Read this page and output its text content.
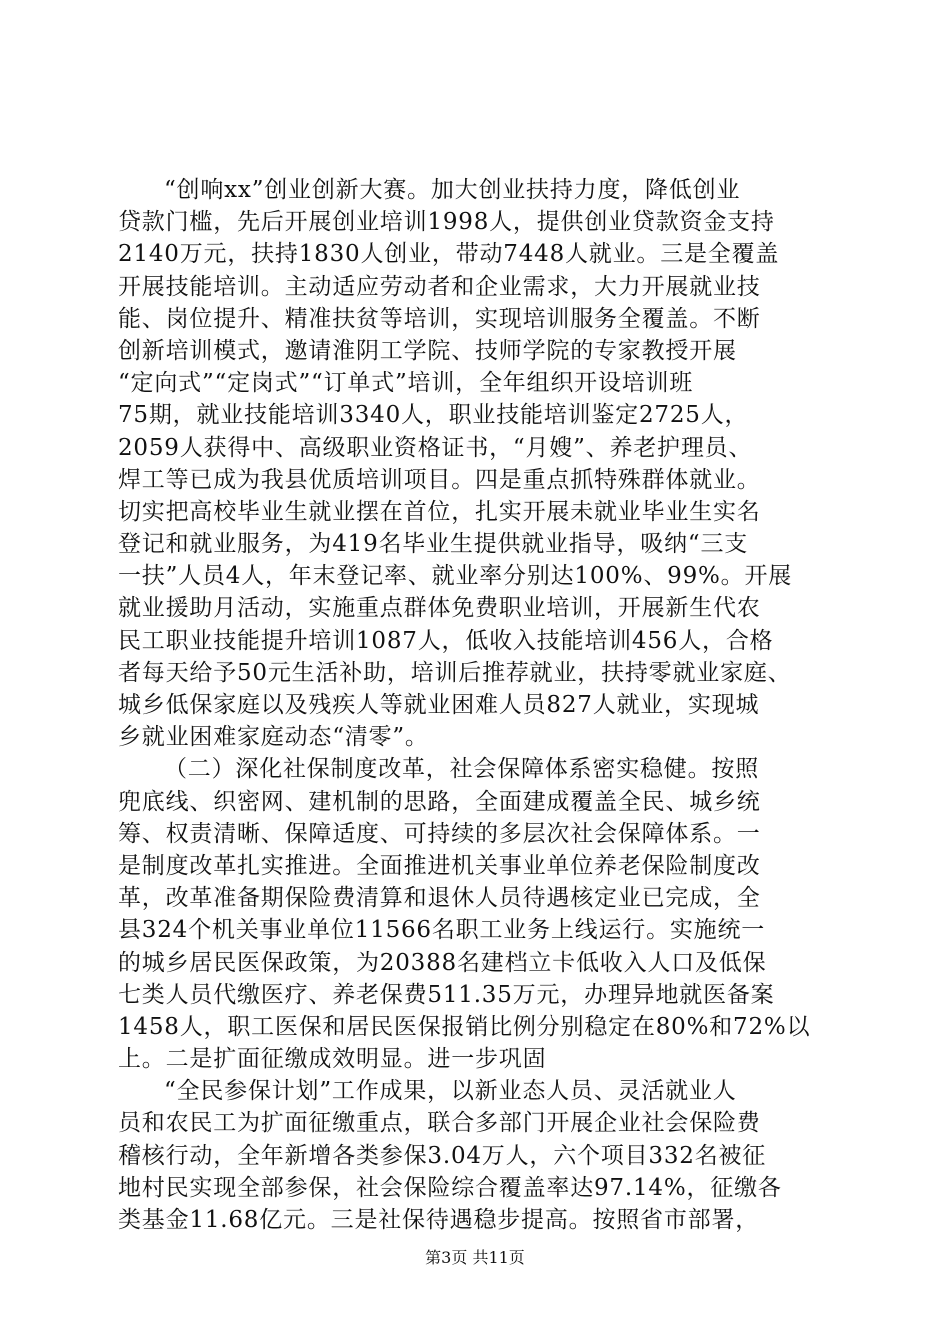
“创响xx”创业创新大赛。加大创业扶持力度，降低创业
贷款门槛，先后开展创业培训1998人，提供创业贷款资金支持
2140万元，扶持1830人创业，带动7448人就业。三是全覆盖
开展技能培训。主动适应劳动者和企业需求，大力开展就业技
能、岗位提升、精准扶贫等培训，实现培训服务全覆盖。不断
创新培训模式，邀请淮阴工学院、技师学院的专家教授开展
“定向式”“定岗式”“订单式”培训，全年组织开设培训班
75期，就业技能培训3340人，职业技能培训鉴定2725人，
2059人获得中、高级职业资格证书，“月嫂”、养老护理员、
焊工等已成为我县优质培训项目。四是重点抓特殊群体就业。
切实把高校毕业生就业摆在首位，扎实开展未就业毕业生实名
登记和就业服务，为419名毕业生提供就业指导，吸纳“三支
一扶”人员4人，年末登记率、就业率分别达100%、99%。开展
就业援助月活动，实施重点群体免费职业培训，开展新生代农
民工职业技能提升培训1087人，低收入技能培训456人，合格
者每天给予50元生活补助，培训后推荐就业，扶持零就业家庭、
城乡低保家庭以及残疾人等就业困难人员827人就业，实现城
乡就业困难家庭动态“清零”。
（二）深化社保制度改革，社会保障体系密实稳健。按照
兜底线、织密网、建机制的思路，全面建成覆盖全民、城乡统
筹、权责清晰、保障适度、可持续的多层次社会保障体系。一
是制度改革扎实推进。全面推进机关事业单位养老保险制度改
革，改革准备期保险费清算和退休人员待遇核定业已完成，全
县324个机关事业单位11566名职工业务上线运行。实施统一
的城乡居民医保政策，为20388名建档立卡低收入人口及低保
七类人员代缴医疗、养老保费511.35万元，办理异地就医备案
1458人，职工医保和居民医保报销比例分别稳定在80%和72%以
上。二是扩面征缴成效明显。进一步巩固
“全民参保计划”工作成果，以新业态人员、灵活就业人
员和农民工为扩面征缴重点，联合多部门开展企业社会保险费
稽核行动，全年新增各类参保3.04万人，六个项目332名被征
地村民实现全部参保，社会保险综合覆盖率达97.14%，征缴各
类基金11.68亿元。三是社保待遇稳步提高。按照省市部署，
第3页 共11页
